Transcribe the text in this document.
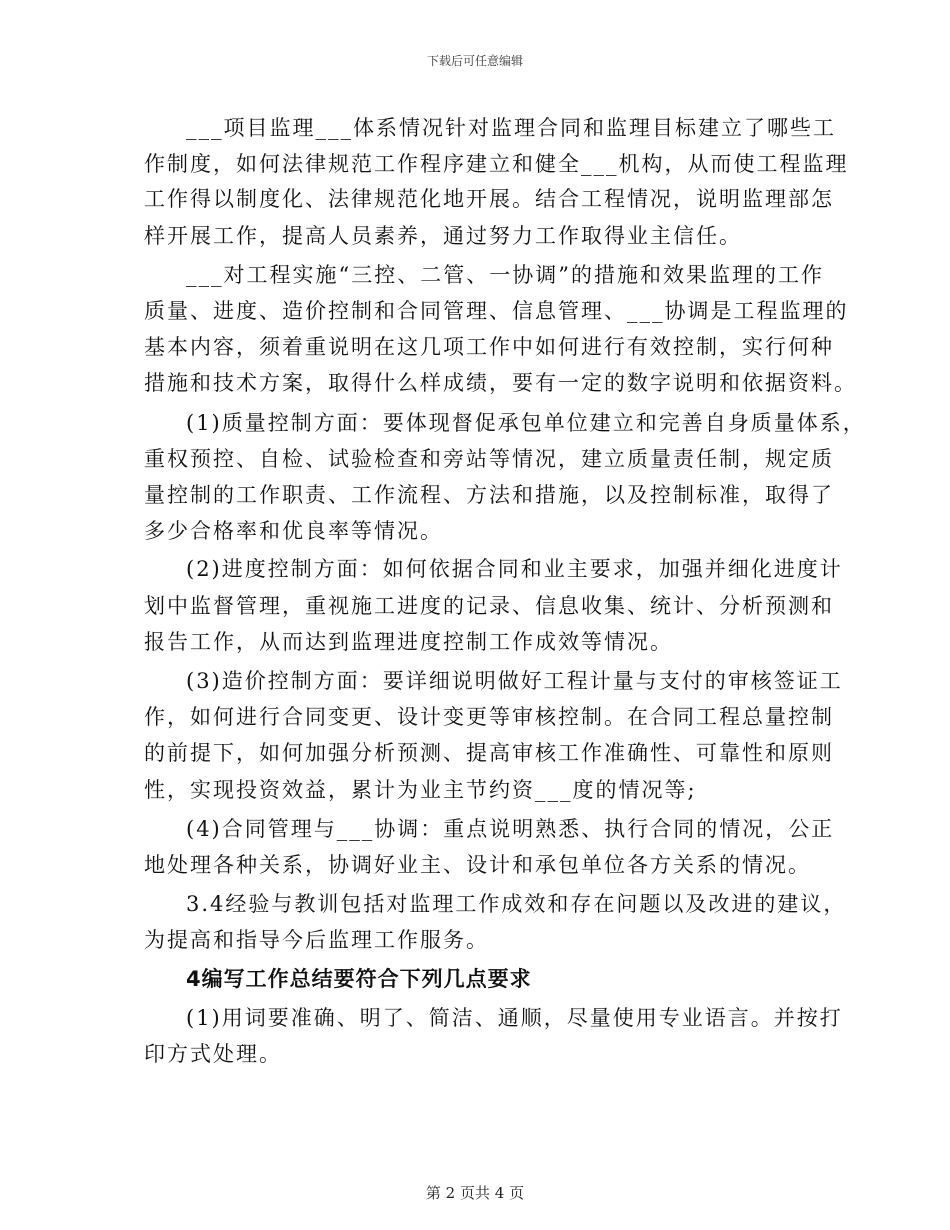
下载后可任意编辑
___项目监理___体系情况针对监理合同和监理目标建立了哪些工
作制度，如何法律规范工作程序建立和健全___机构，从而使工程监理
工作得以制度化、法律规范化地开展。结合工程情况，说明监理部怎
样开展工作，提高人员素养，通过努力工作取得业主信任。
___对工程实施“三控、二管、一协调”的措施和效果监理的工作
质量、进度、造价控制和合同管理、信息管理、___协调是工程监理的
基本内容，须着重说明在这几项工作中如何进行有效控制，实行何种
措施和技术方案，取得什么样成绩，要有一定的数字说明和依据资料。
(1)质量控制方面：要体现督促承包单位建立和完善自身质量体系，
重权预控、自检、试验检查和旁站等情况，建立质量责任制，规定质
量控制的工作职责、工作流程、方法和措施，以及控制标准，取得了
多少合格率和优良率等情况。
(2)进度控制方面：如何依据合同和业主要求，加强并细化进度计
划中监督管理，重视施工进度的记录、信息收集、统计、分析预测和
报告工作，从而达到监理进度控制工作成效等情况。
(3)造价控制方面：要详细说明做好工程计量与支付的审核签证工
作，如何进行合同变更、设计变更等审核控制。在合同工程总量控制
的前提下，如何加强分析预测、提高审核工作准确性、可靠性和原则
性，实现投资效益，累计为业主节约资___度的情况等;
(4)合同管理与___协调：重点说明熟悉、执行合同的情况，公正
地处理各种关系，协调好业主、设计和承包单位各方关系的情况。
3.4经验与教训包括对监理工作成效和存在问题以及改进的建议，
为提高和指导今后监理工作服务。
4编写工作总结要符合下列几点要求
(1)用词要准确、明了、简洁、通顺，尽量使用专业语言。并按打
印方式处理。
第 2 页共 4 页
